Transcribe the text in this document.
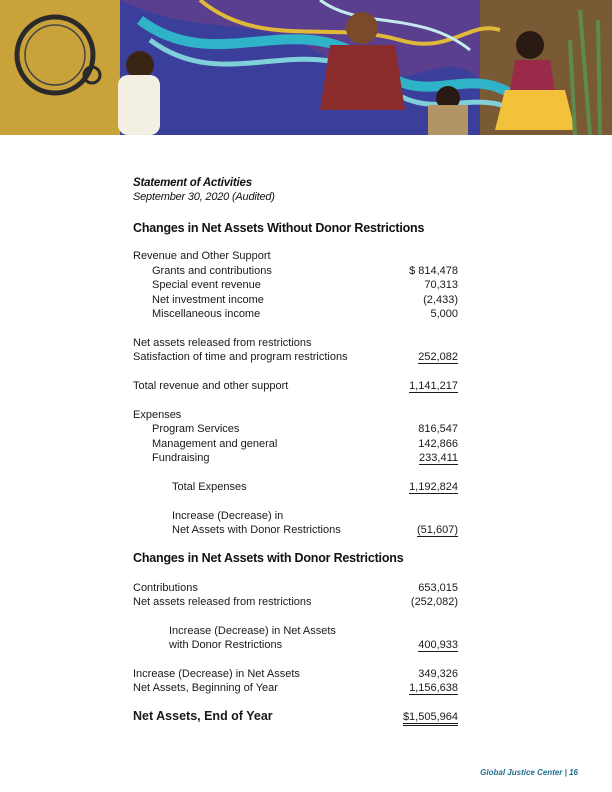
Statement of Activities
September 30, 2020 (Audited)
Changes in Net Assets Without Donor Restrictions
Revenue and Other Support
Grants and contributions	$ 814,478
Special event revenue	70,313
Net investment income	(2,433)
Miscellaneous income	5,000
Net assets released from restrictions
Satisfaction of time and program restrictions	252,082
Total revenue and other support	1,141,217
Expenses
Program Services	816,547
Management and general	142,866
Fundraising	233,411
Total Expenses	1,192,824
Increase (Decrease) in
Net Assets with Donor Restrictions	(51,607)
Changes in Net Assets with Donor Restrictions
Contributions	653,015
Net assets released from restrictions	(252,082)
Increase (Decrease) in Net Assets
with Donor Restrictions	400,933
Increase (Decrease) in Net Assets	349,326
Net Assets, Beginning of Year	1,156,638
Net Assets, End of Year	$1,505,964
Global Justice Center | 16
